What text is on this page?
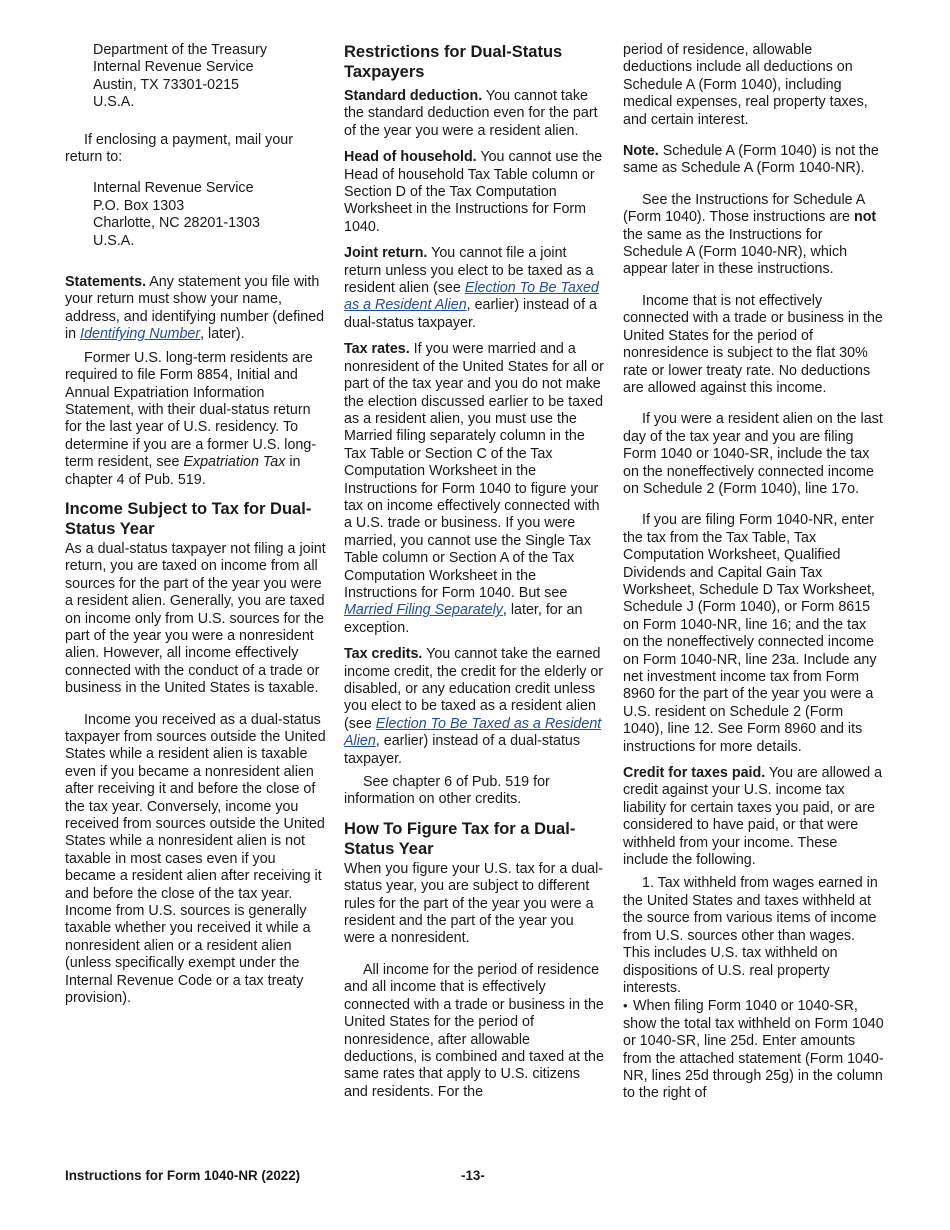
Department of the Treasury
Internal Revenue Service
Austin, TX 73301-0215
U.S.A.

If enclosing a payment, mail your return to:

Internal Revenue Service
P.O. Box 1303
Charlotte, NC 28201-1303
U.S.A.

Statements. Any statement you file with your return must show your name, address, and identifying number (defined in Identifying Number, later).

Former U.S. long-term residents are required to file Form 8854, Initial and Annual Expatriation Information Statement, with their dual-status return for the last year of U.S. residency. To determine if you are a former U.S. long-term resident, see Expatriation Tax in chapter 4 of Pub. 519.

Income Subject to Tax for Dual-Status Year

As a dual-status taxpayer not filing a joint return, you are taxed on income from all sources for the part of the year you were a resident alien. Generally, you are taxed on income only from U.S. sources for the part of the year you were a nonresident alien. However, all income effectively connected with the conduct of a trade or business in the United States is taxable.

Income you received as a dual-status taxpayer from sources outside the United States while a resident alien is taxable even if you became a nonresident alien after receiving it and before the close of the tax year. Conversely, income you received from sources outside the United States while a nonresident alien is not taxable in most cases even if you became a resident alien after receiving it and before the close of the tax year. Income from U.S. sources is generally taxable whether you received it while a nonresident alien or a resident alien (unless specifically exempt under the Internal Revenue Code or a tax treaty provision).

Restrictions for Dual-Status Taxpayers

Standard deduction. You cannot take the standard deduction even for the part of the year you were a resident alien.

Head of household. You cannot use the Head of household Tax Table column or Section D of the Tax Computation Worksheet in the Instructions for Form 1040.

Joint return. You cannot file a joint return unless you elect to be taxed as a resident alien (see Election To Be Taxed as a Resident Alien, earlier) instead of a dual-status taxpayer.

Tax rates. If you were married and a nonresident of the United States for all or part of the tax year and you do not make the election discussed earlier to be taxed as a resident alien, you must use the Married filing separately column in the Tax Table or Section C of the Tax Computation Worksheet in the Instructions for Form 1040 to figure your tax on income effectively connected with a U.S. trade or business. If you were married, you cannot use the Single Tax Table column or Section A of the Tax Computation Worksheet in the Instructions for Form 1040. But see Married Filing Separately, later, for an exception.

Tax credits. You cannot take the earned income credit, the credit for the elderly or disabled, or any education credit unless you elect to be taxed as a resident alien (see Election To Be Taxed as a Resident Alien, earlier) instead of a dual-status taxpayer.

See chapter 6 of Pub. 519 for information on other credits.

How To Figure Tax for a Dual-Status Year

When you figure your U.S. tax for a dual-status year, you are subject to different rules for the part of the year you were a resident and the part of the year you were a nonresident.

All income for the period of residence and all income that is effectively connected with a trade or business in the United States for the period of nonresidence, after allowable deductions, is combined and taxed at the same rates that apply to U.S. citizens and residents. For the

period of residence, allowable deductions include all deductions on Schedule A (Form 1040), including medical expenses, real property taxes, and certain interest.

Note. Schedule A (Form 1040) is not the same as Schedule A (Form 1040-NR).

See the Instructions for Schedule A (Form 1040). Those instructions are not the same as the Instructions for Schedule A (Form 1040-NR), which appear later in these instructions.

Income that is not effectively connected with a trade or business in the United States for the period of nonresidence is subject to the flat 30% rate or lower treaty rate. No deductions are allowed against this income.

If you were a resident alien on the last day of the tax year and you are filing Form 1040 or 1040-SR, include the tax on the noneffectively connected income on Schedule 2 (Form 1040), line 17o.

If you are filing Form 1040-NR, enter the tax from the Tax Table, Tax Computation Worksheet, Qualified Dividends and Capital Gain Tax Worksheet, Schedule D Tax Worksheet, Schedule J (Form 1040), or Form 8615 on Form 1040-NR, line 16; and the tax on the noneffectively connected income on Form 1040-NR, line 23a. Include any net investment income tax from Form 8960 for the part of the year you were a U.S. resident on Schedule 2 (Form 1040), line 12. See Form 8960 and its instructions for more details.

Credit for taxes paid. You are allowed a credit against your U.S. income tax liability for certain taxes you paid, or are considered to have paid, or that were withheld from your income. These include the following.

1. Tax withheld from wages earned in the United States and taxes withheld at the source from various items of income from U.S. sources other than wages. This includes U.S. tax withheld on dispositions of U.S. real property interests.

• When filing Form 1040 or 1040-SR, show the total tax withheld on Form 1040 or 1040-SR, line 25d. Enter amounts from the attached statement (Form 1040-NR, lines 25d through 25g) in the column to the right of

Instructions for Form 1040-NR (2022)	-13-
